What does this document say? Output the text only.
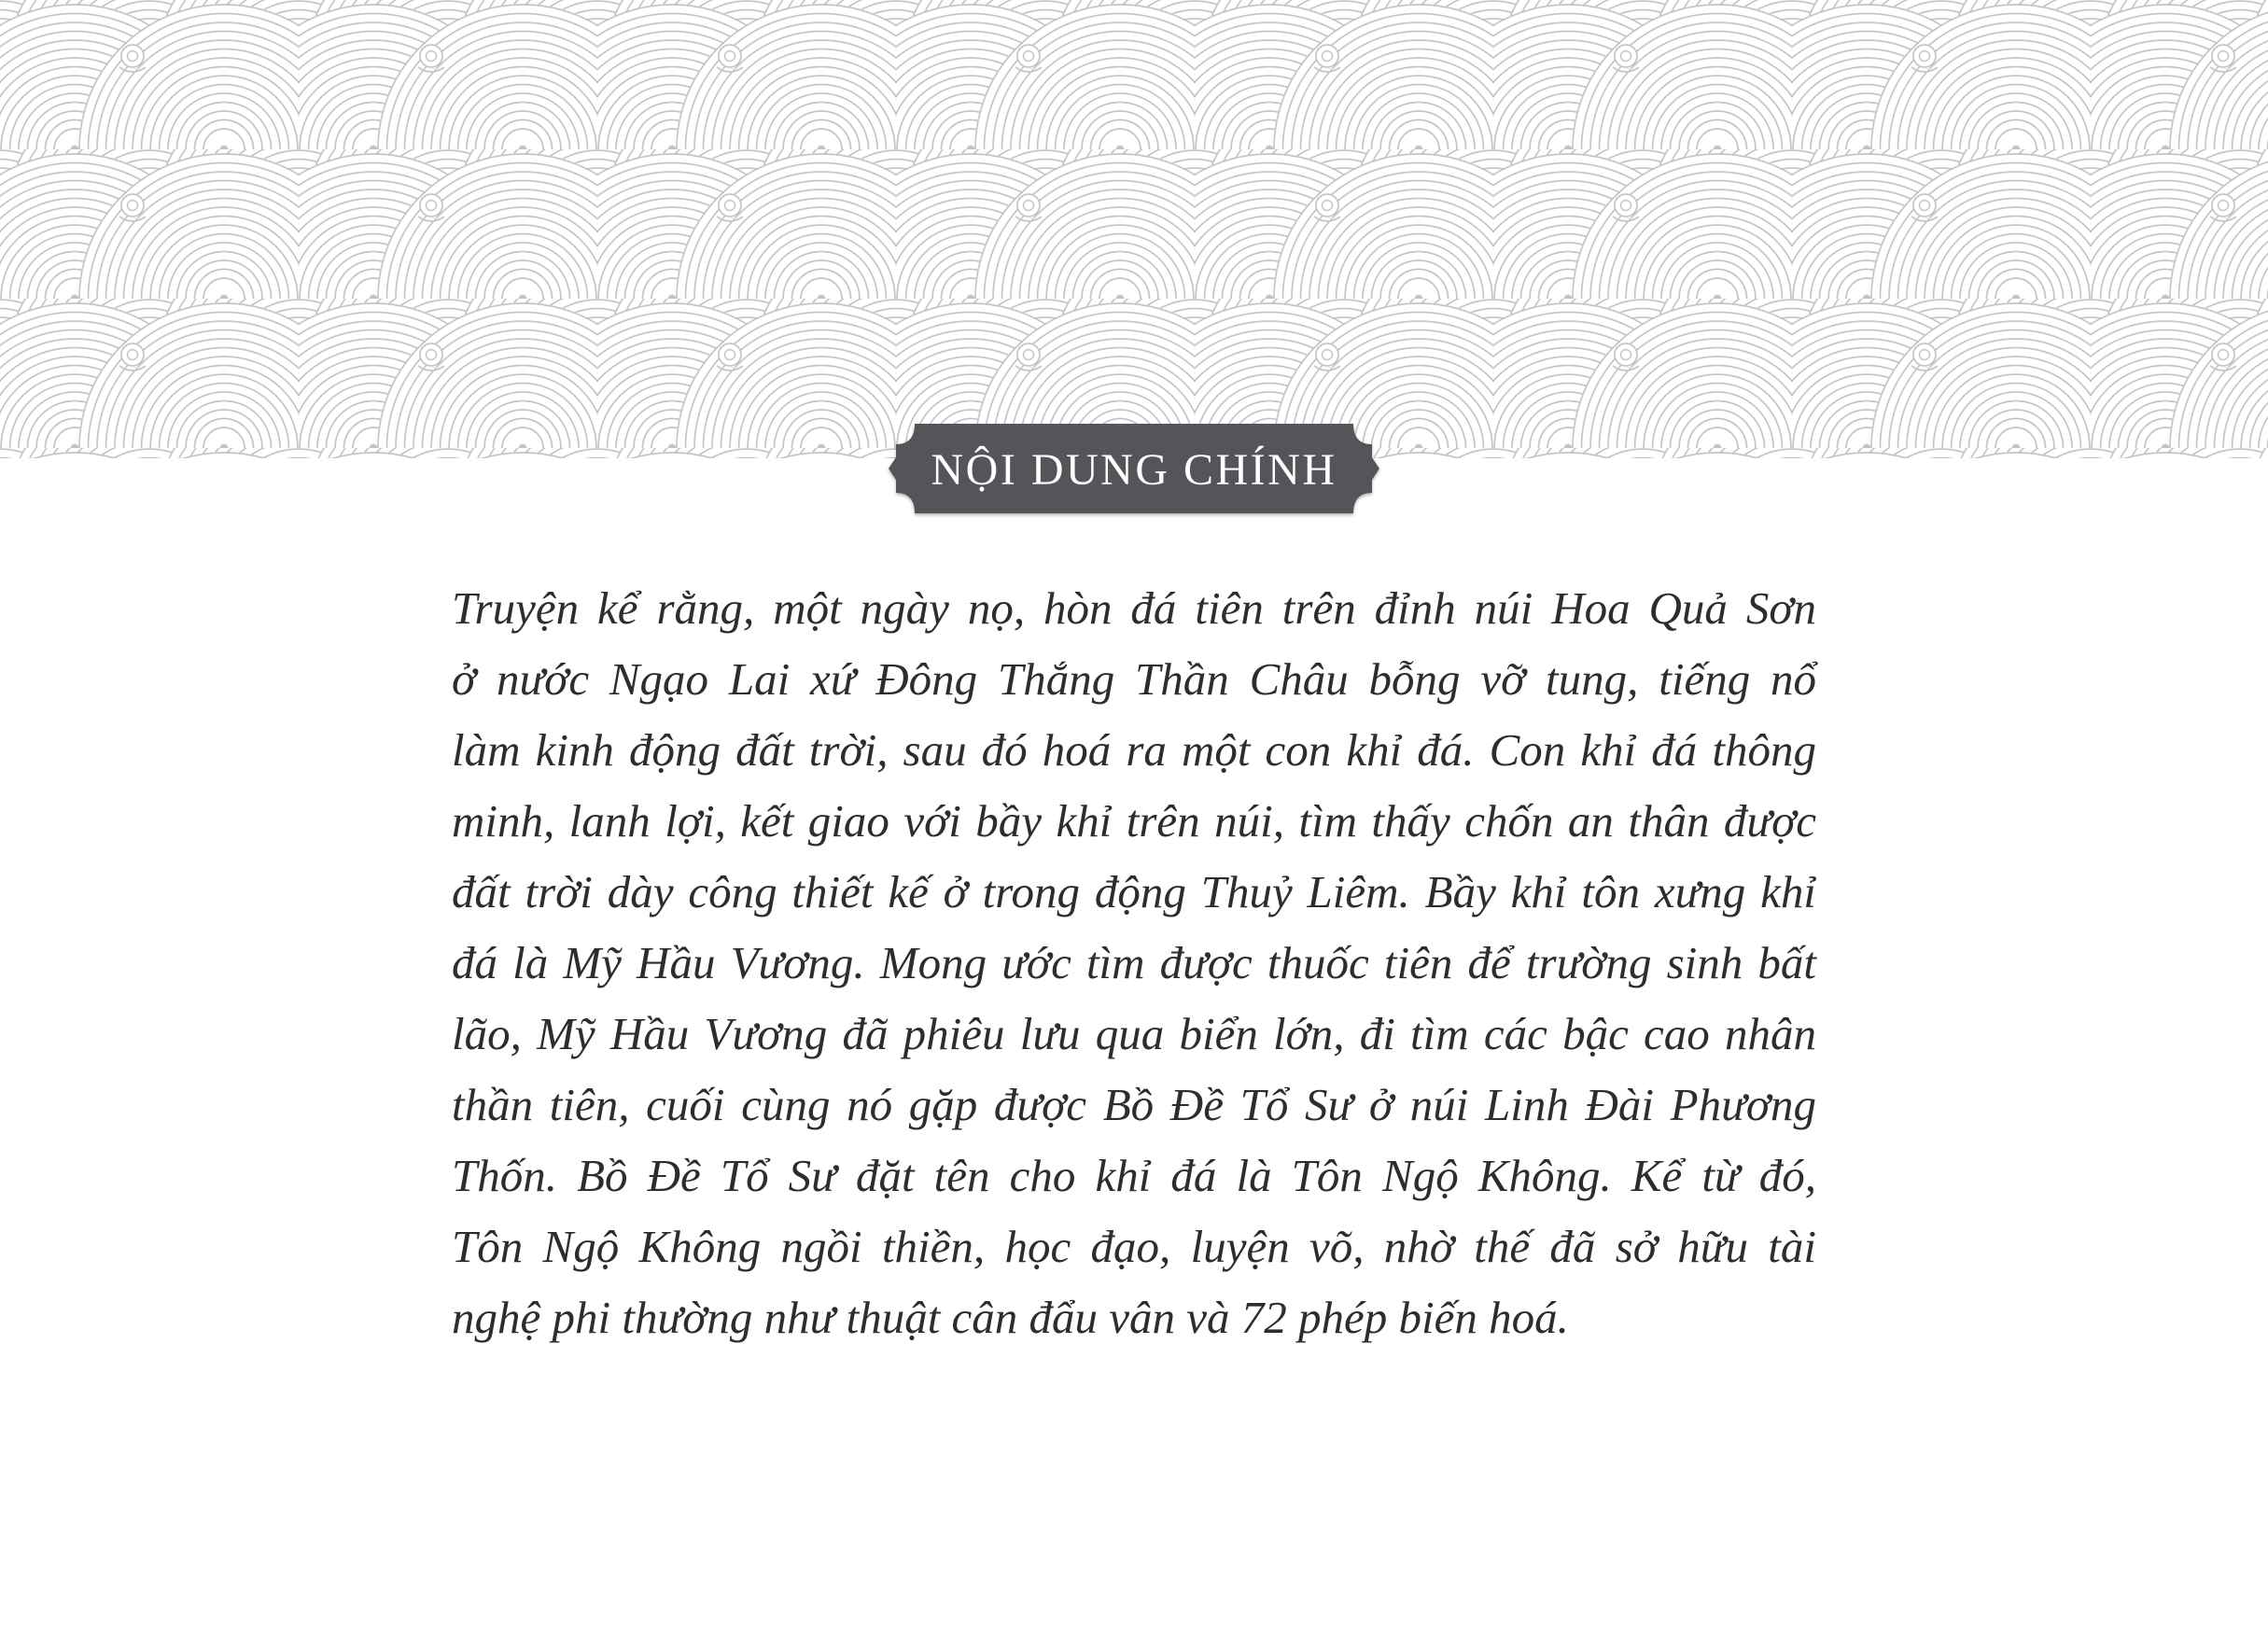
NỘI DUNG CHÍNH
Truyện kể rằng, một ngày nọ, hòn đá tiên trên đỉnh núi Hoa Quả Sơn
ở nước Ngạo Lai xứ Đông Thắng Thần Châu bỗng vỡ tung, tiếng nổ
làm kinh động đất trời, sau đó hoá ra một con khỉ đá. Con khỉ đá thông
minh, lanh lợi, kết giao với bầy khỉ trên núi, tìm thấy chốn an thân được
đất trời dày công thiết kế ở trong động Thuỷ Liêm. Bầy khỉ tôn xưng khỉ
đá là Mỹ Hầu Vương. Mong ước tìm được thuốc tiên để trường sinh bất
lão, Mỹ Hầu Vương đã phiêu lưu qua biển lớn, đi tìm các bậc cao nhân
thần tiên, cuối cùng nó gặp được Bồ Đề Tổ Sư ở núi Linh Đài Phương
Thốn. Bồ Đề Tổ Sư đặt tên cho khỉ đá là Tôn Ngộ Không. Kể từ đó,
Tôn Ngộ Không ngồi thiền, học đạo, luyện võ, nhờ thế đã sở hữu tài
nghệ phi thường như thuật cân đẩu vân và 72 phép biến hoá.
